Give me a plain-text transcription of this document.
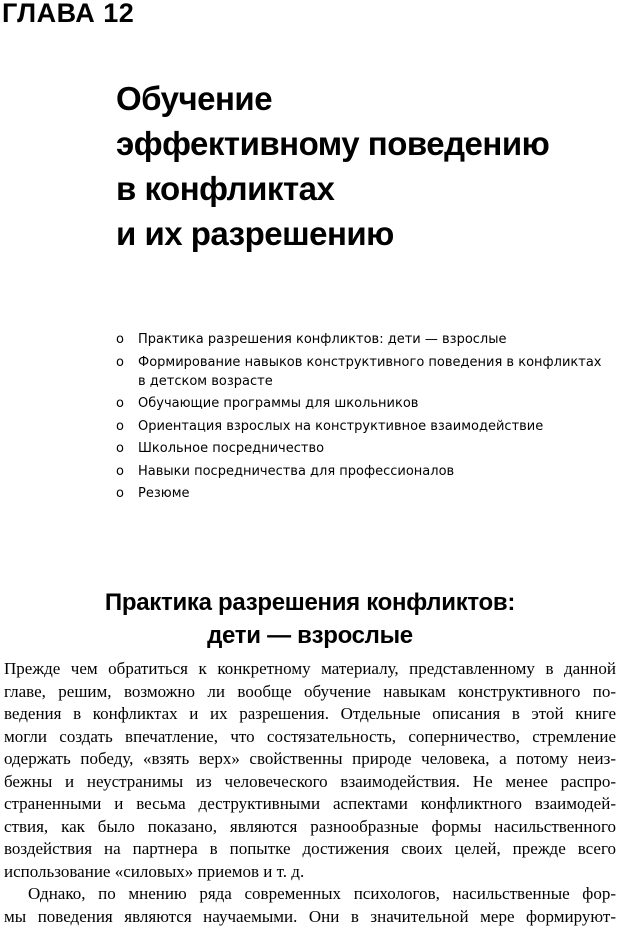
ГЛАВА 12
Обучение
эффективному поведению
в конфликтах
и их разрешению
o Практика разрешения конфликтов: дети — взрослые
o Формирование навыков конструктивного поведения в конфликтах
в детском возрасте
o Обучающие программы для школьников
o Ориентация взрослых на конструктивное взаимодействие
o Школьное посредничество
o Навыки посредничества для профессионалов
o Резюме
Практика разрешения конфликтов:
дети — взрослые
Прежде чем обратиться к конкретному материалу, представленному в данной
главе, решим, возможно ли вообще обучение навыкам конструктивного по-
ведения в конфликтах и их разрешения. Отдельные описания в этой книге
могли создать впечатление, что состязательность, соперничество, стремление
одержать победу, «взять верх» свойственны природе человека, а потому неиз-
бежны и неустранимы из человеческого взаимодействия. Не менее распро-
страненными и весьма деструктивными аспектами конфликтного взаимодей-
ствия, как было показано, являются разнообразные формы насильственного
воздействия на партнера в попытке достижения своих целей, прежде всего
использование «силовых» приемов и т. д.
Однако, по мнению ряда современных психологов, насильственные фор-
мы поведения являются научаемыми. Они в значительной мере формируют-
